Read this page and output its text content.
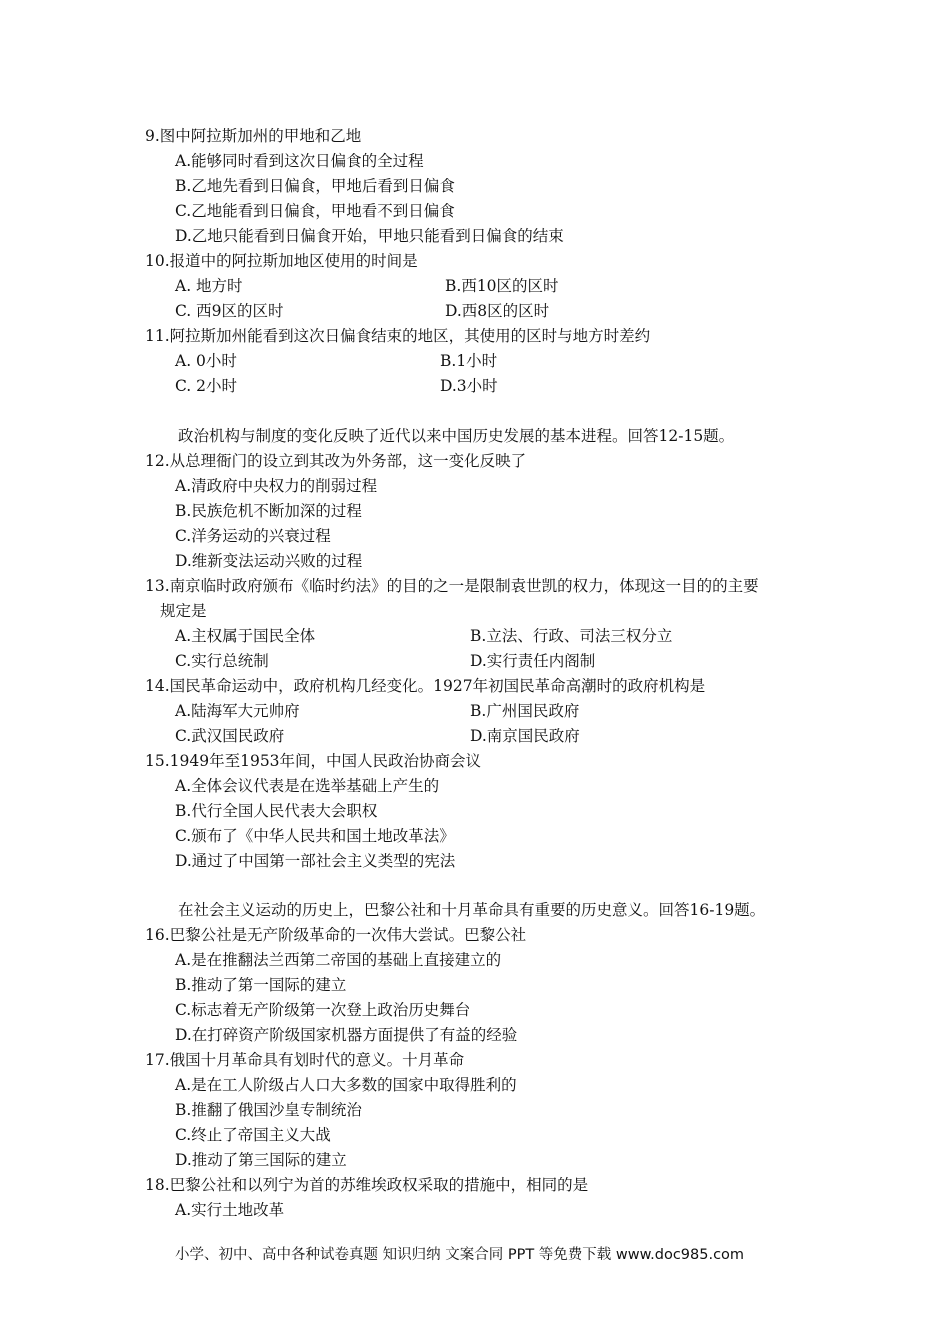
9.图中阿拉斯加州的甲地和乙地
A.能够同时看到这次日偏食的全过程
B.乙地先看到日偏食，甲地后看到日偏食
C.乙地能看到日偏食，甲地看不到日偏食
D.乙地只能看到日偏食开始，甲地只能看到日偏食的结束
10.报道中的阿拉斯加地区使用的时间是
A. 地方时	B.西10区的区时
C. 西9区的区时	D.西8区的区时
11.阿拉斯加州能看到这次日偏食结束的地区，其使用的区时与地方时差约
A. 0小时	B.1小时
C. 2小时	D.3小时
政治机构与制度的变化反映了近代以来中国历史发展的基本进程。回答12-15题。
12.从总理衙门的设立到其改为外务部，这一变化反映了
A.清政府中央权力的削弱过程
B.民族危机不断加深的过程
C.洋务运动的兴衰过程
D.维新变法运动兴败的过程
13.南京临时政府颁布《临时约法》的目的之一是限制袁世凯的权力，体现这一目的的主要
规定是
A.主权属于国民全体	B.立法、行政、司法三权分立
C.实行总统制	D.实行责任内阁制
14.国民革命运动中，政府机构几经变化。1927年初国民革命高潮时的政府机构是
A.陆海军大元帅府	B.广州国民政府
C.武汉国民政府	D.南京国民政府
15.1949年至1953年间，中国人民政治协商会议
A.全体会议代表是在选举基础上产生的
B.代行全国人民代表大会职权
C.颁布了《中华人民共和国土地改革法》
D.通过了中国第一部社会主义类型的宪法
在社会主义运动的历史上，巴黎公社和十月革命具有重要的历史意义。回答16-19题。
16.巴黎公社是无产阶级革命的一次伟大尝试。巴黎公社
A.是在推翻法兰西第二帝国的基础上直接建立的
B.推动了第一国际的建立
C.标志着无产阶级第一次登上政治历史舞台
D.在打碎资产阶级国家机器方面提供了有益的经验
17.俄国十月革命具有划时代的意义。十月革命
A.是在工人阶级占人口大多数的国家中取得胜利的
B.推翻了俄国沙皇专制统治
C.终止了帝国主义大战
D.推动了第三国际的建立
18.巴黎公社和以列宁为首的苏维埃政权采取的措施中，相同的是
A.实行土地改革
小学、初中、高中各种试卷真题 知识归纳 文案合同 PPT 等免费下载 www.doc985.com
